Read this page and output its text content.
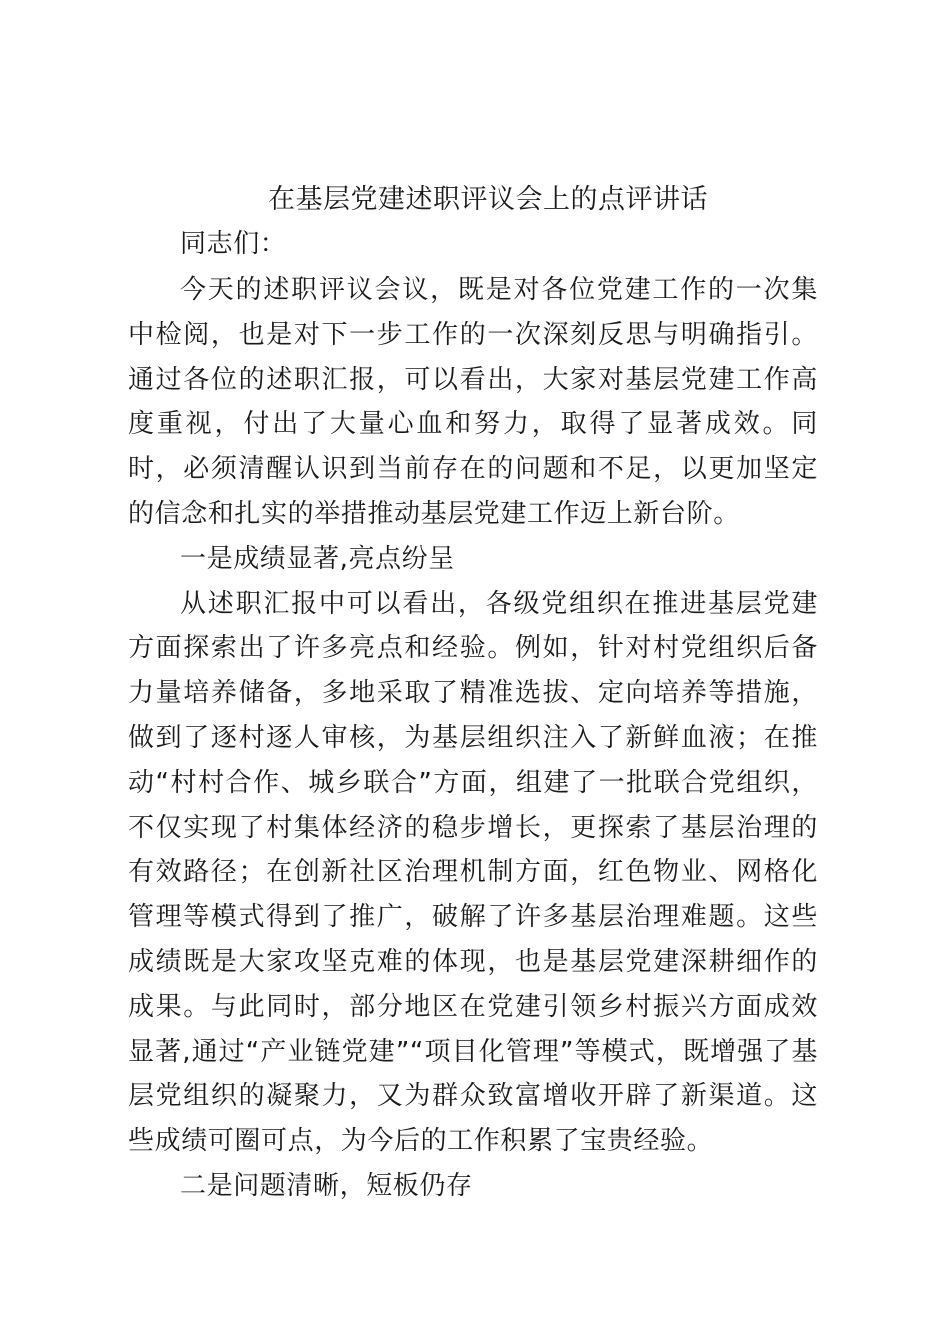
在基层党建述职评议会上的点评讲话

同志们：

今天的述职评议会议，既是对各位党建工作的一次集中检阅，也是对下一步工作的一次深刻反思与明确指引。通过各位的述职汇报，可以看出，大家对基层党建工作高度重视，付出了大量心血和努力，取得了显著成效。同时，必须清醒认识到当前存在的问题和不足，以更加坚定的信念和扎实的举措推动基层党建工作迈上新台阶。

一是成绩显著,亮点纷呈

从述职汇报中可以看出，各级党组织在推进基层党建方面探索出了许多亮点和经验。例如，针对村党组织后备力量培养储备，多地采取了精准选拔、定向培养等措施，做到了逐村逐人审核，为基层组织注入了新鲜血液；在推动“村村合作、城乡联合”方面，组建了一批联合党组织，不仅实现了村集体经济的稳步增长，更探索了基层治理的有效路径；在创新社区治理机制方面，红色物业、网格化管理等模式得到了推广，破解了许多基层治理难题。这些成绩既是大家攻坚克难的体现，也是基层党建深耕细作的成果。与此同时，部分地区在党建引领乡村振兴方面成效显著,通过“产业链党建”“项目化管理”等模式，既增强了基层党组织的凝聚力，又为群众致富增收开辟了新渠道。这些成绩可圈可点，为今后的工作积累了宝贵经验。

二是问题清晰，短板仍存
